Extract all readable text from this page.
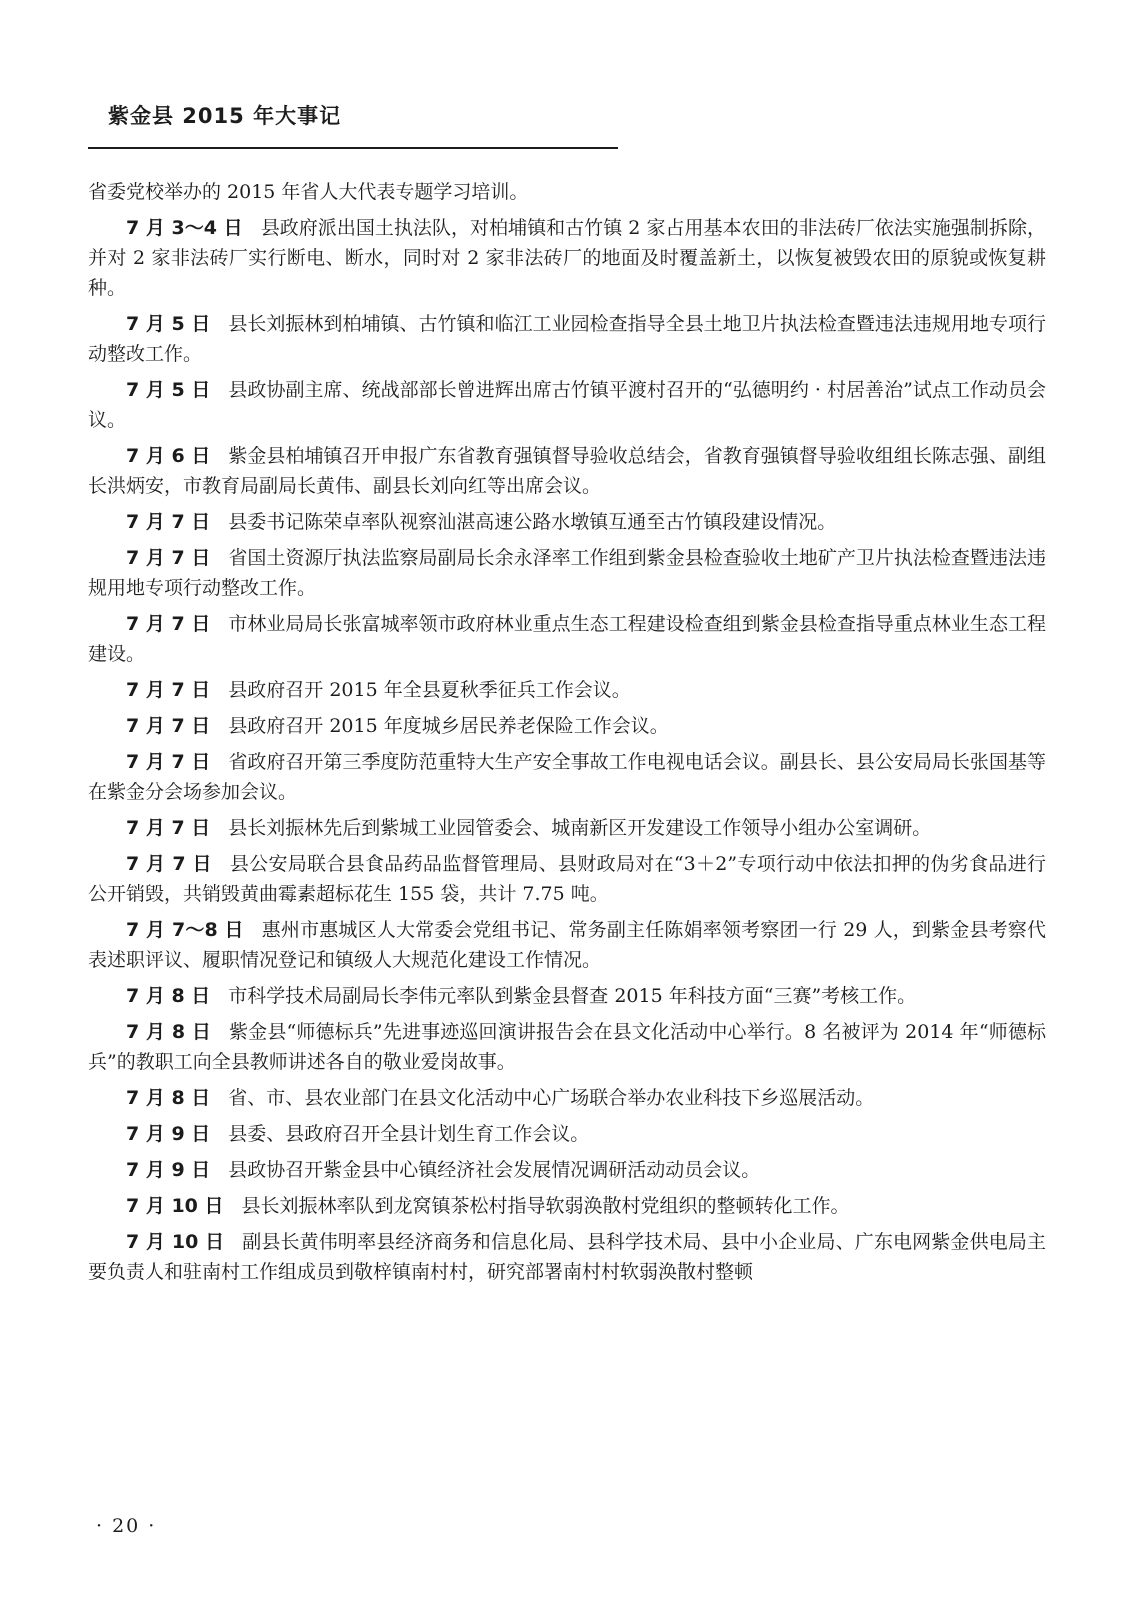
紫金县 2015 年大事记

省委党校举办的 2015 年省人大代表专题学习培训。

7 月 3～4 日 县政府派出国土执法队，对柏埔镇和古竹镇 2 家占用基本农田的非法砖厂依法实施强制拆除，并对 2 家非法砖厂实行断电、断水，同时对 2 家非法砖厂的地面及时覆盖新土，以恢复被毁农田的原貌或恢复耕种。

7 月 5 日 县长刘振林到柏埔镇、古竹镇和临江工业园检查指导全县土地卫片执法检查暨违法违规用地专项行动整改工作。

7 月 5 日 县政协副主席、统战部部长曾进辉出席古竹镇平渡村召开的“弘德明约 · 村居善治”试点工作动员会议。

7 月 6 日 紫金县柏埔镇召开申报广东省教育强镇督导验收总结会，省教育强镇督导验收组组长陈志强、副组长洪炳安，市教育局副局长黄伟、副县长刘向红等出席会议。

7 月 7 日 县委书记陈荣卓率队视察汕湛高速公路水墩镇互通至古竹镇段建设情况。

7 月 7 日 省国土资源厅执法监察局副局长余永泽率工作组到紫金县检查验收土地矿产卫片执法检查暨违法违规用地专项行动整改工作。

7 月 7 日 市林业局局长张富城率领市政府林业重点生态工程建设检查组到紫金县检查指导重点林业生态工程建设。

7 月 7 日 县政府召开 2015 年全县夏秋季征兵工作会议。

7 月 7 日 县政府召开 2015 年度城乡居民养老保险工作会议。

7 月 7 日 省政府召开第三季度防范重特大生产安全事故工作电视电话会议。副县长、县公安局局长张国基等在紫金分会场参加会议。

7 月 7 日 县长刘振林先后到紫城工业园管委会、城南新区开发建设工作领导小组办公室调研。

7 月 7 日 县公安局联合县食品药品监督管理局、县财政局对在“3＋2”专项行动中依法扣押的伪劣食品进行公开销毁，共销毁黄曲霉素超标花生 155 袋，共计 7.75 吨。

7 月 7～8 日 惠州市惠城区人大常委会党组书记、常务副主任陈娟率领考察团一行 29 人，到紫金县考察代表述职评议、履职情况登记和镇级人大规范化建设工作情况。

7 月 8 日 市科学技术局副局长李伟元率队到紫金县督查 2015 年科技方面“三赛”考核工作。

7 月 8 日 紫金县“师德标兵”先进事迹巡回演讲报告会在县文化活动中心举行。8 名被评为 2014 年“师德标兵”的教职工向全县教师讲述各自的敬业爱岗故事。

7 月 8 日 省、市、县农业部门在县文化活动中心广场联合举办农业科技下乡巡展活动。

7 月 9 日 县委、县政府召开全县计划生育工作会议。

7 月 9 日 县政协召开紫金县中心镇经济社会发展情况调研活动动员会议。

7 月 10 日 县长刘振林率队到龙窝镇茶松村指导软弱涣散村党组织的整顿转化工作。

7 月 10 日 副县长黄伟明率县经济商务和信息化局、县科学技术局、县中小企业局、广东电网紫金供电局主要负责人和驻南村工作组成员到敬梓镇南村村，研究部署南村村软弱涣散村整顿

· 20 ·
